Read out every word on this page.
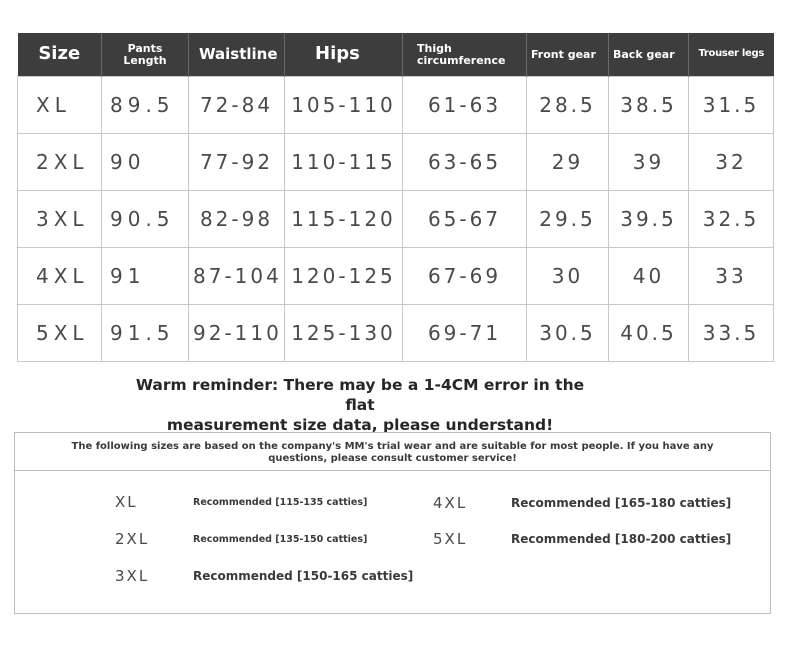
Size	Pants Length	Waistline	Hips	Thigh circumference	Front gear	Back gear	Trouser legs
XL	89.5	72-84	105-110	61-63	28.5	38.5	31.5
2XL	90	77-92	110-115	63-65	29	39	32
3XL	90.5	82-98	115-120	65-67	29.5	39.5	32.5
4XL	91	87-104	120-125	67-69	30	40	33
5XL	91.5	92-110	125-130	69-71	30.5	40.5	33.5
Warm reminder: There may be a 1-4CM error in the flat
measurement size data, please understand!
The following sizes are based on the company's MM's trial wear and are suitable for most people. If you have any questions, please consult customer service!
XL	Recommended [115-135 catties]
2XL	Recommended [135-150 catties]
3XL	Recommended [150-165 catties]
4XL	Recommended [165-180 catties]
5XL	Recommended [180-200 catties]
